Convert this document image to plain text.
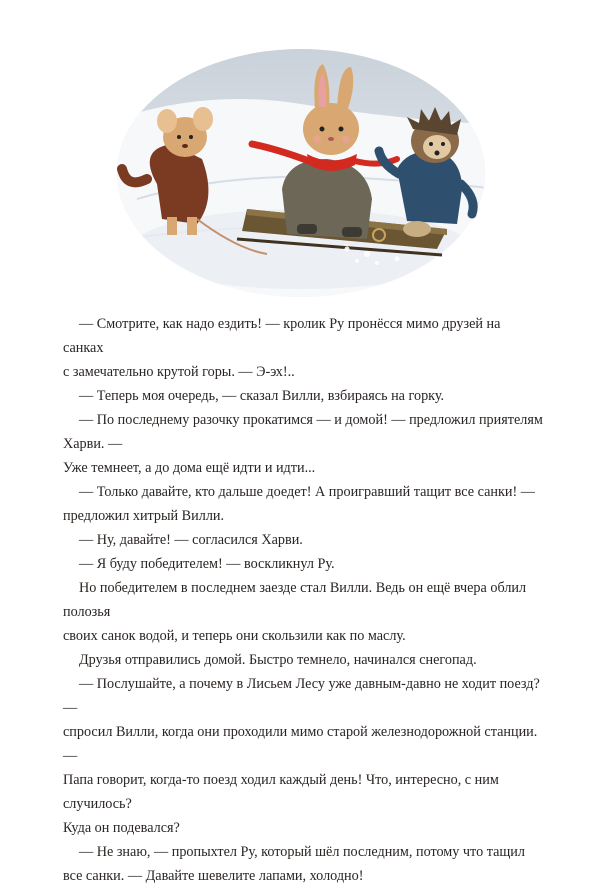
— Смотрите, как надо ездить! — кролик Ру пронёсся мимо друзей на санках

с замечательно крутой горы. — Э-эх!..

— Теперь моя очередь, — сказал Вилли, взбираясь на горку.

— По последнему разочку прокатимся — и домой! — предложил приятелям Харви. —

Уже темнеет, а до дома ещё идти и идти...

— Только давайте, кто дальше доедет! А проигравший тащит все санки! —

предложил хитрый Вилли.

— Ну, давайте! — согласился Харви.

— Я буду победителем! — воскликнул Ру.

Но победителем в последнем заезде стал Вилли. Ведь он ещё вчера облил полозья

своих санок водой, и теперь они скользили как по маслу.

Друзья отправились домой. Быстро темнело, начинался снегопад.

— Послушайте, а почему в Лисьем Лесу уже давным-давно не ходит поезд? —

спросил Вилли, когда они проходили мимо старой железнодорожной станции. —

Папа говорит, когда-то поезд ходил каждый день! Что, интересно, с ним случилось?

Куда он подевался?

— Не знаю, — пропыхтел Ру, который шёл последним, потому что тащил

все санки. — Давайте шевелите лапами, холодно!
